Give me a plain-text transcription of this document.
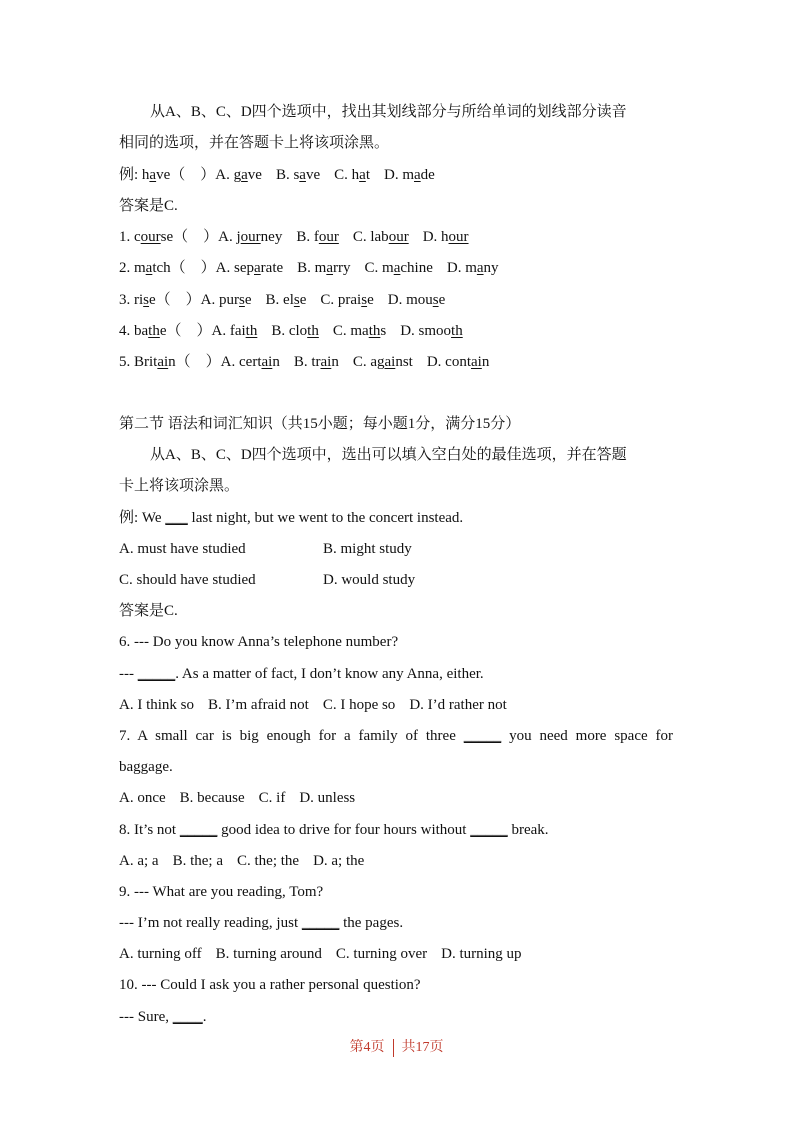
从A、B、C、D四个选项中，找出其划线部分与所给单词的划线部分读音
相同的选项，并在答题卡上将该项涂黑。
例: have（　）A. gave B. save C. hat D. made
答案是C.
1. course（　）A. journey B. four C. labour D. hour
2. match（　）A. separate B. marry C. machine D. many
3. rise（　）A. purse B. else C. praise D. mouse
4. bathe（　）A. faith B. cloth C. maths D. smooth
5. Britain（　）A. certain B. train C. against D. contain
第二节 语法和词汇知识（共15小题；每小题1分，满分15分）
从A、B、C、D四个选项中，选出可以填入空白处的最佳选项，并在答题
卡上将该项涂黑。
例: We ___ last night, but we went to the concert instead.
A. must have studied	B. might study
C. should have studied	D. would study
答案是C.
6. --- Do you know Anna’s telephone number?
--- _____. As a matter of fact, I don’t know any Anna, either.
A. I think so B. I’m afraid not C. I hope so D. I’d rather not
7. A small car is big enough for a family of three _____ you need more space for
baggage.
A. once B. because C. if D. unless
8. It’s not _____ good idea to drive for four hours without _____ break.
A. a; a B. the; a C. the; the D. a; the
9. --- What are you reading, Tom?
--- I’m not really reading, just _____ the pages.
A. turning off B. turning around C. turning over D. turning up
10. --- Could I ask you a rather personal question?
--- Sure, ____.
第4页 共17页
